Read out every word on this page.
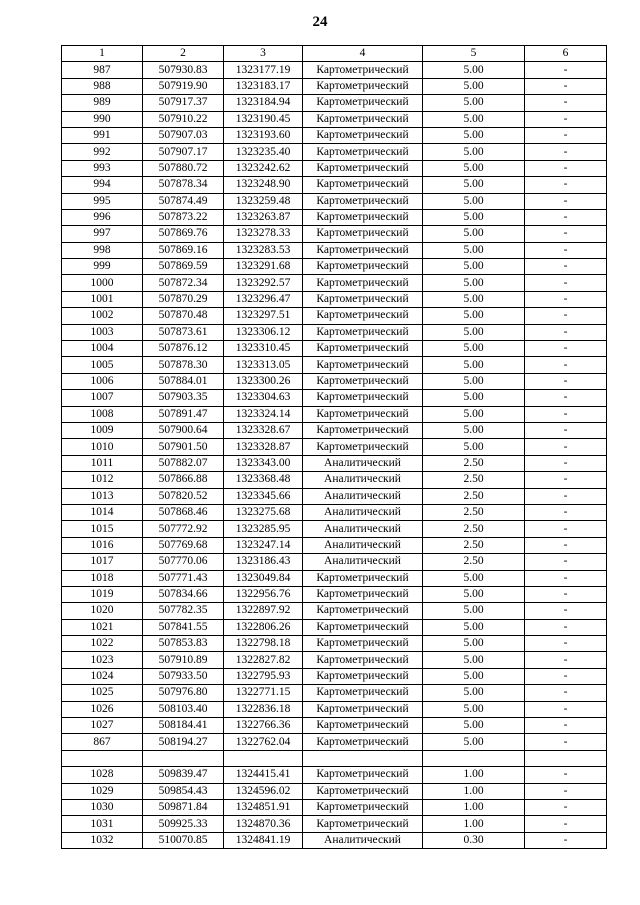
24
1	2	3	4	5	6
987	507930.83	1323177.19	Картометрический	5.00	-
988	507919.90	1323183.17	Картометрический	5.00	-
989	507917.37	1323184.94	Картометрический	5.00	-
990	507910.22	1323190.45	Картометрический	5.00	-
991	507907.03	1323193.60	Картометрический	5.00	-
992	507907.17	1323235.40	Картометрический	5.00	-
993	507880.72	1323242.62	Картометрический	5.00	-
994	507878.34	1323248.90	Картометрический	5.00	-
995	507874.49	1323259.48	Картометрический	5.00	-
996	507873.22	1323263.87	Картометрический	5.00	-
997	507869.76	1323278.33	Картометрический	5.00	-
998	507869.16	1323283.53	Картометрический	5.00	-
999	507869.59	1323291.68	Картометрический	5.00	-
1000	507872.34	1323292.57	Картометрический	5.00	-
1001	507870.29	1323296.47	Картометрический	5.00	-
1002	507870.48	1323297.51	Картометрический	5.00	-
1003	507873.61	1323306.12	Картометрический	5.00	-
1004	507876.12	1323310.45	Картометрический	5.00	-
1005	507878.30	1323313.05	Картометрический	5.00	-
1006	507884.01	1323300.26	Картометрический	5.00	-
1007	507903.35	1323304.63	Картометрический	5.00	-
1008	507891.47	1323324.14	Картометрический	5.00	-
1009	507900.64	1323328.67	Картометрический	5.00	-
1010	507901.50	1323328.87	Картометрический	5.00	-
1011	507882.07	1323343.00	Аналитический	2.50	-
1012	507866.88	1323368.48	Аналитический	2.50	-
1013	507820.52	1323345.66	Аналитический	2.50	-
1014	507868.46	1323275.68	Аналитический	2.50	-
1015	507772.92	1323285.95	Аналитический	2.50	-
1016	507769.68	1323247.14	Аналитический	2.50	-
1017	507770.06	1323186.43	Аналитический	2.50	-
1018	507771.43	1323049.84	Картометрический	5.00	-
1019	507834.66	1322956.76	Картометрический	5.00	-
1020	507782.35	1322897.92	Картометрический	5.00	-
1021	507841.55	1322806.26	Картометрический	5.00	-
1022	507853.83	1322798.18	Картометрический	5.00	-
1023	507910.89	1322827.82	Картометрический	5.00	-
1024	507933.50	1322795.93	Картометрический	5.00	-
1025	507976.80	1322771.15	Картометрический	5.00	-
1026	508103.40	1322836.18	Картометрический	5.00	-
1027	508184.41	1322766.36	Картометрический	5.00	-
867	508194.27	1322762.04	Картометрический	5.00	-

1028	509839.47	1324415.41	Картометрический	1.00	-
1029	509854.43	1324596.02	Картометрический	1.00	-
1030	509871.84	1324851.91	Картометрический	1.00	-
1031	509925.33	1324870.36	Картометрический	1.00	-
1032	510070.85	1324841.19	Аналитический	0.30	-
